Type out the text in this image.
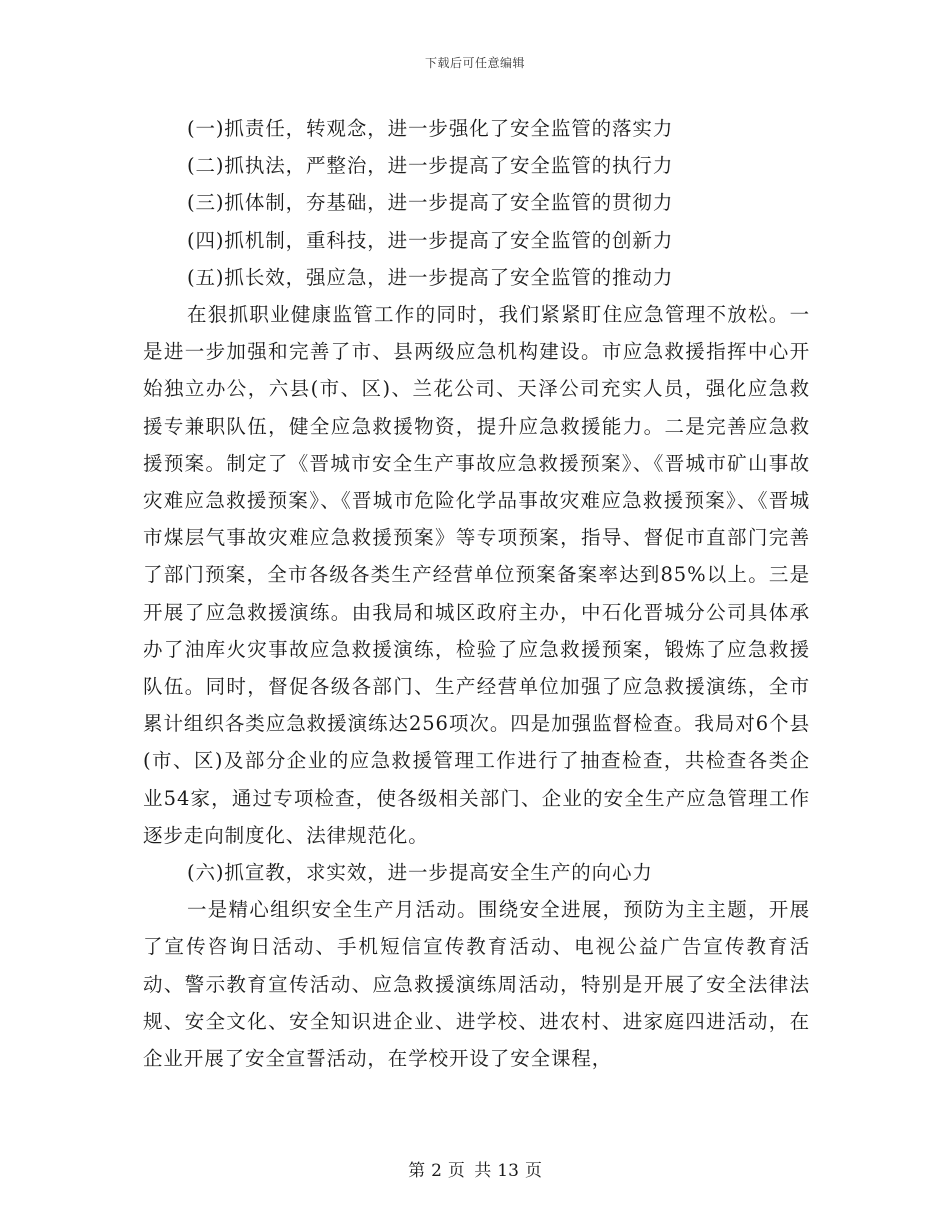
下载后可任意编辑

(一)抓责任，转观念，进一步强化了安全监管的落实力

(二)抓执法，严整治，进一步提高了安全监管的执行力

(三)抓体制，夯基础，进一步提高了安全监管的贯彻力

(四)抓机制，重科技，进一步提高了安全监管的创新力

(五)抓长效，强应急，进一步提高了安全监管的推动力

在狠抓职业健康监管工作的同时，我们紧紧盯住应急管理不放松。一是进一步加强和完善了市、县两级应急机构建设。市应急救援指挥中心开始独立办公，六县(市、区)、兰花公司、天泽公司充实人员，强化应急救援专兼职队伍，健全应急救援物资，提升应急救援能力。二是完善应急救援预案。制定了《晋城市安全生产事故应急救援预案》、《晋城市矿山事故灾难应急救援预案》、《晋城市危险化学品事故灾难应急救援预案》、《晋城市煤层气事故灾难应急救援预案》等专项预案，指导、督促市直部门完善了部门预案，全市各级各类生产经营单位预案备案率达到85%以上。三是开展了应急救援演练。由我局和城区政府主办，中石化晋城分公司具体承办了油库火灾事故应急救援演练，检验了应急救援预案，锻炼了应急救援队伍。同时，督促各级各部门、生产经营单位加强了应急救援演练，全市累计组织各类应急救援演练达256项次。四是加强监督检查。我局对6个县(市、区)及部分企业的应急救援管理工作进行了抽查检查，共检查各类企业54家，通过专项检查，使各级相关部门、企业的安全生产应急管理工作逐步走向制度化、法律规范化。

(六)抓宣教，求实效，进一步提高安全生产的向心力

一是精心组织安全生产月活动。围绕安全进展，预防为主主题，开展了宣传咨询日活动、手机短信宣传教育活动、电视公益广告宣传教育活动、警示教育宣传活动、应急救援演练周活动，特别是开展了安全法律法规、安全文化、安全知识进企业、进学校、进农村、进家庭四进活动，在企业开展了安全宣誓活动，在学校开设了安全课程，

第 2 页 共 13 页
